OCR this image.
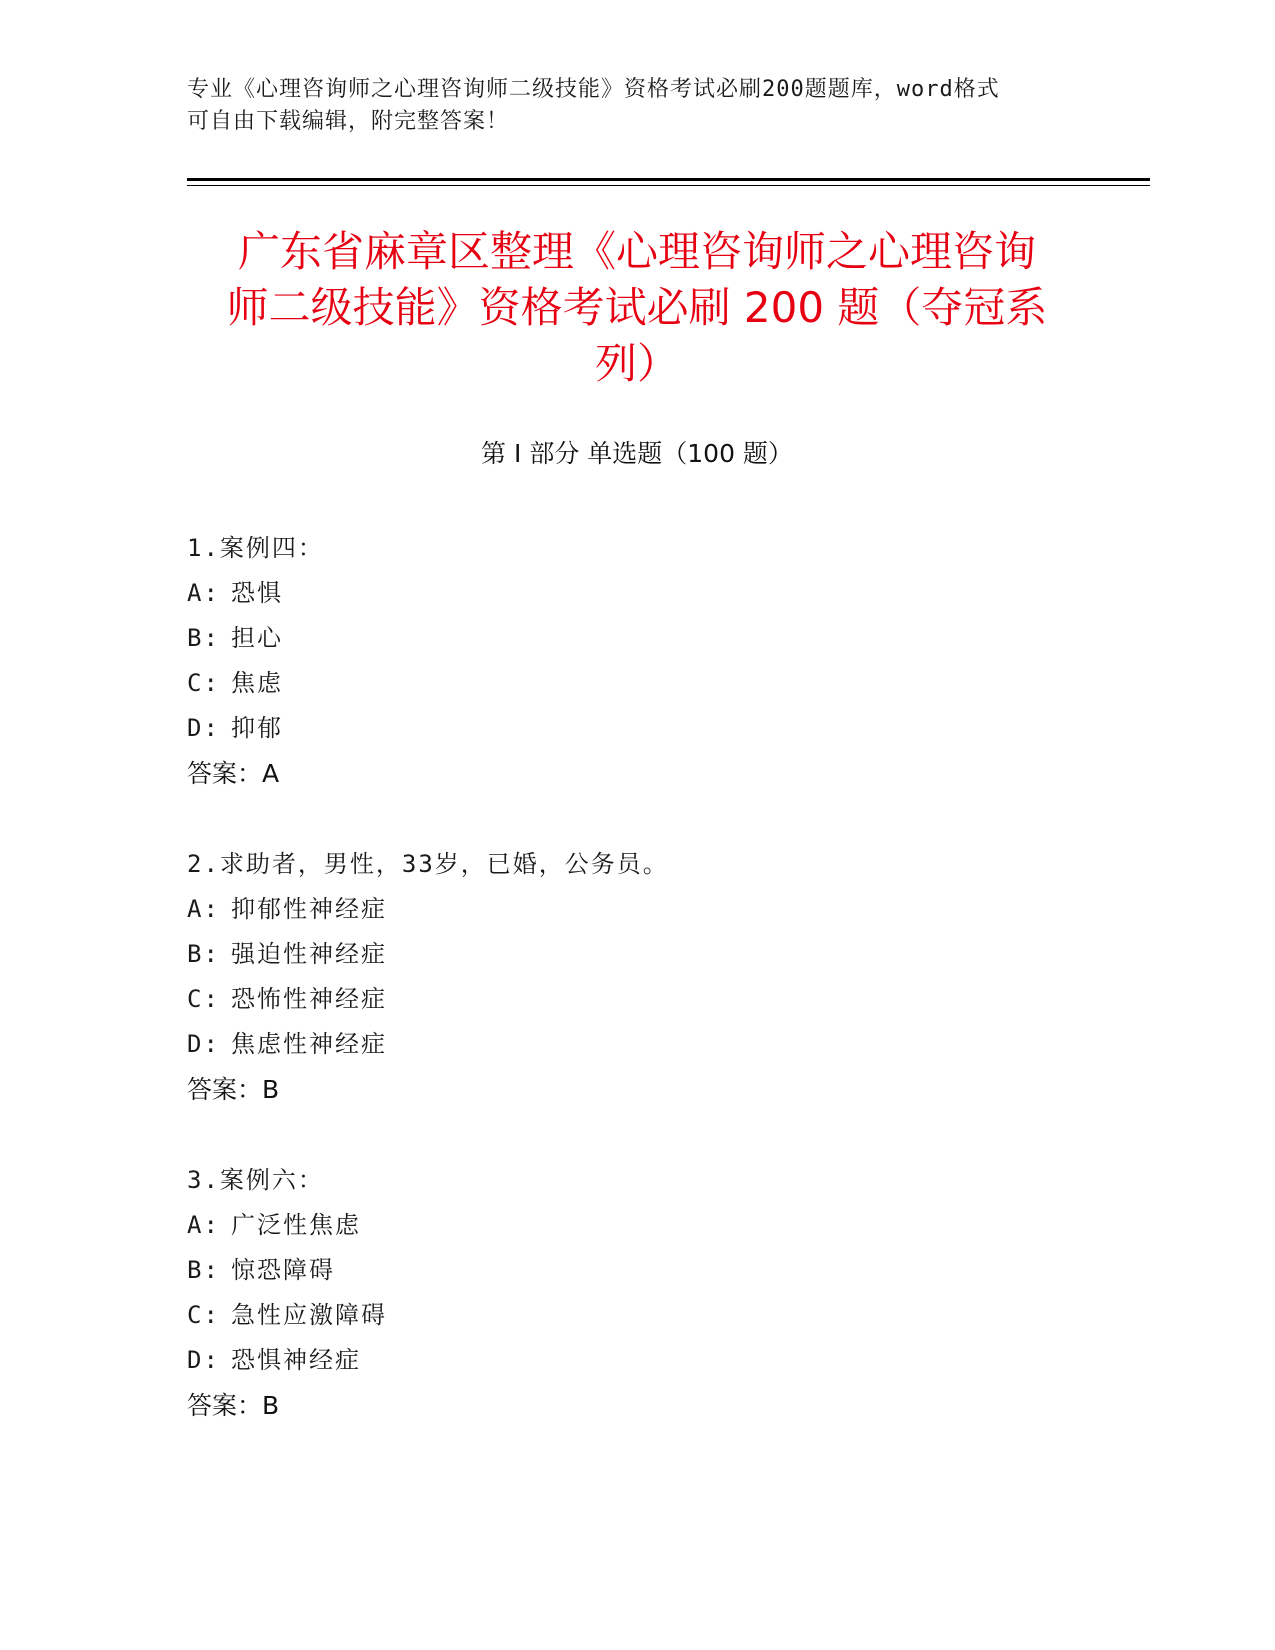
专业《心理咨询师之心理咨询师二级技能》资格考试必刷200题题库，word格式
可自由下载编辑，附完整答案！
广东省麻章区整理《心理咨询师之心理咨询
师二级技能》资格考试必刷 200 题（夺冠系
列）
第 I 部分 单选题（100 题）
1.案例四：
A: 恐惧
B: 担心
C: 焦虑
D: 抑郁
答案：A
2.求助者，男性，33岁，已婚，公务员。
A: 抑郁性神经症
B: 强迫性神经症
C: 恐怖性神经症
D: 焦虑性神经症
答案：B
3.案例六：
A: 广泛性焦虑
B: 惊恐障碍
C: 急性应激障碍
D: 恐惧神经症
答案：B
